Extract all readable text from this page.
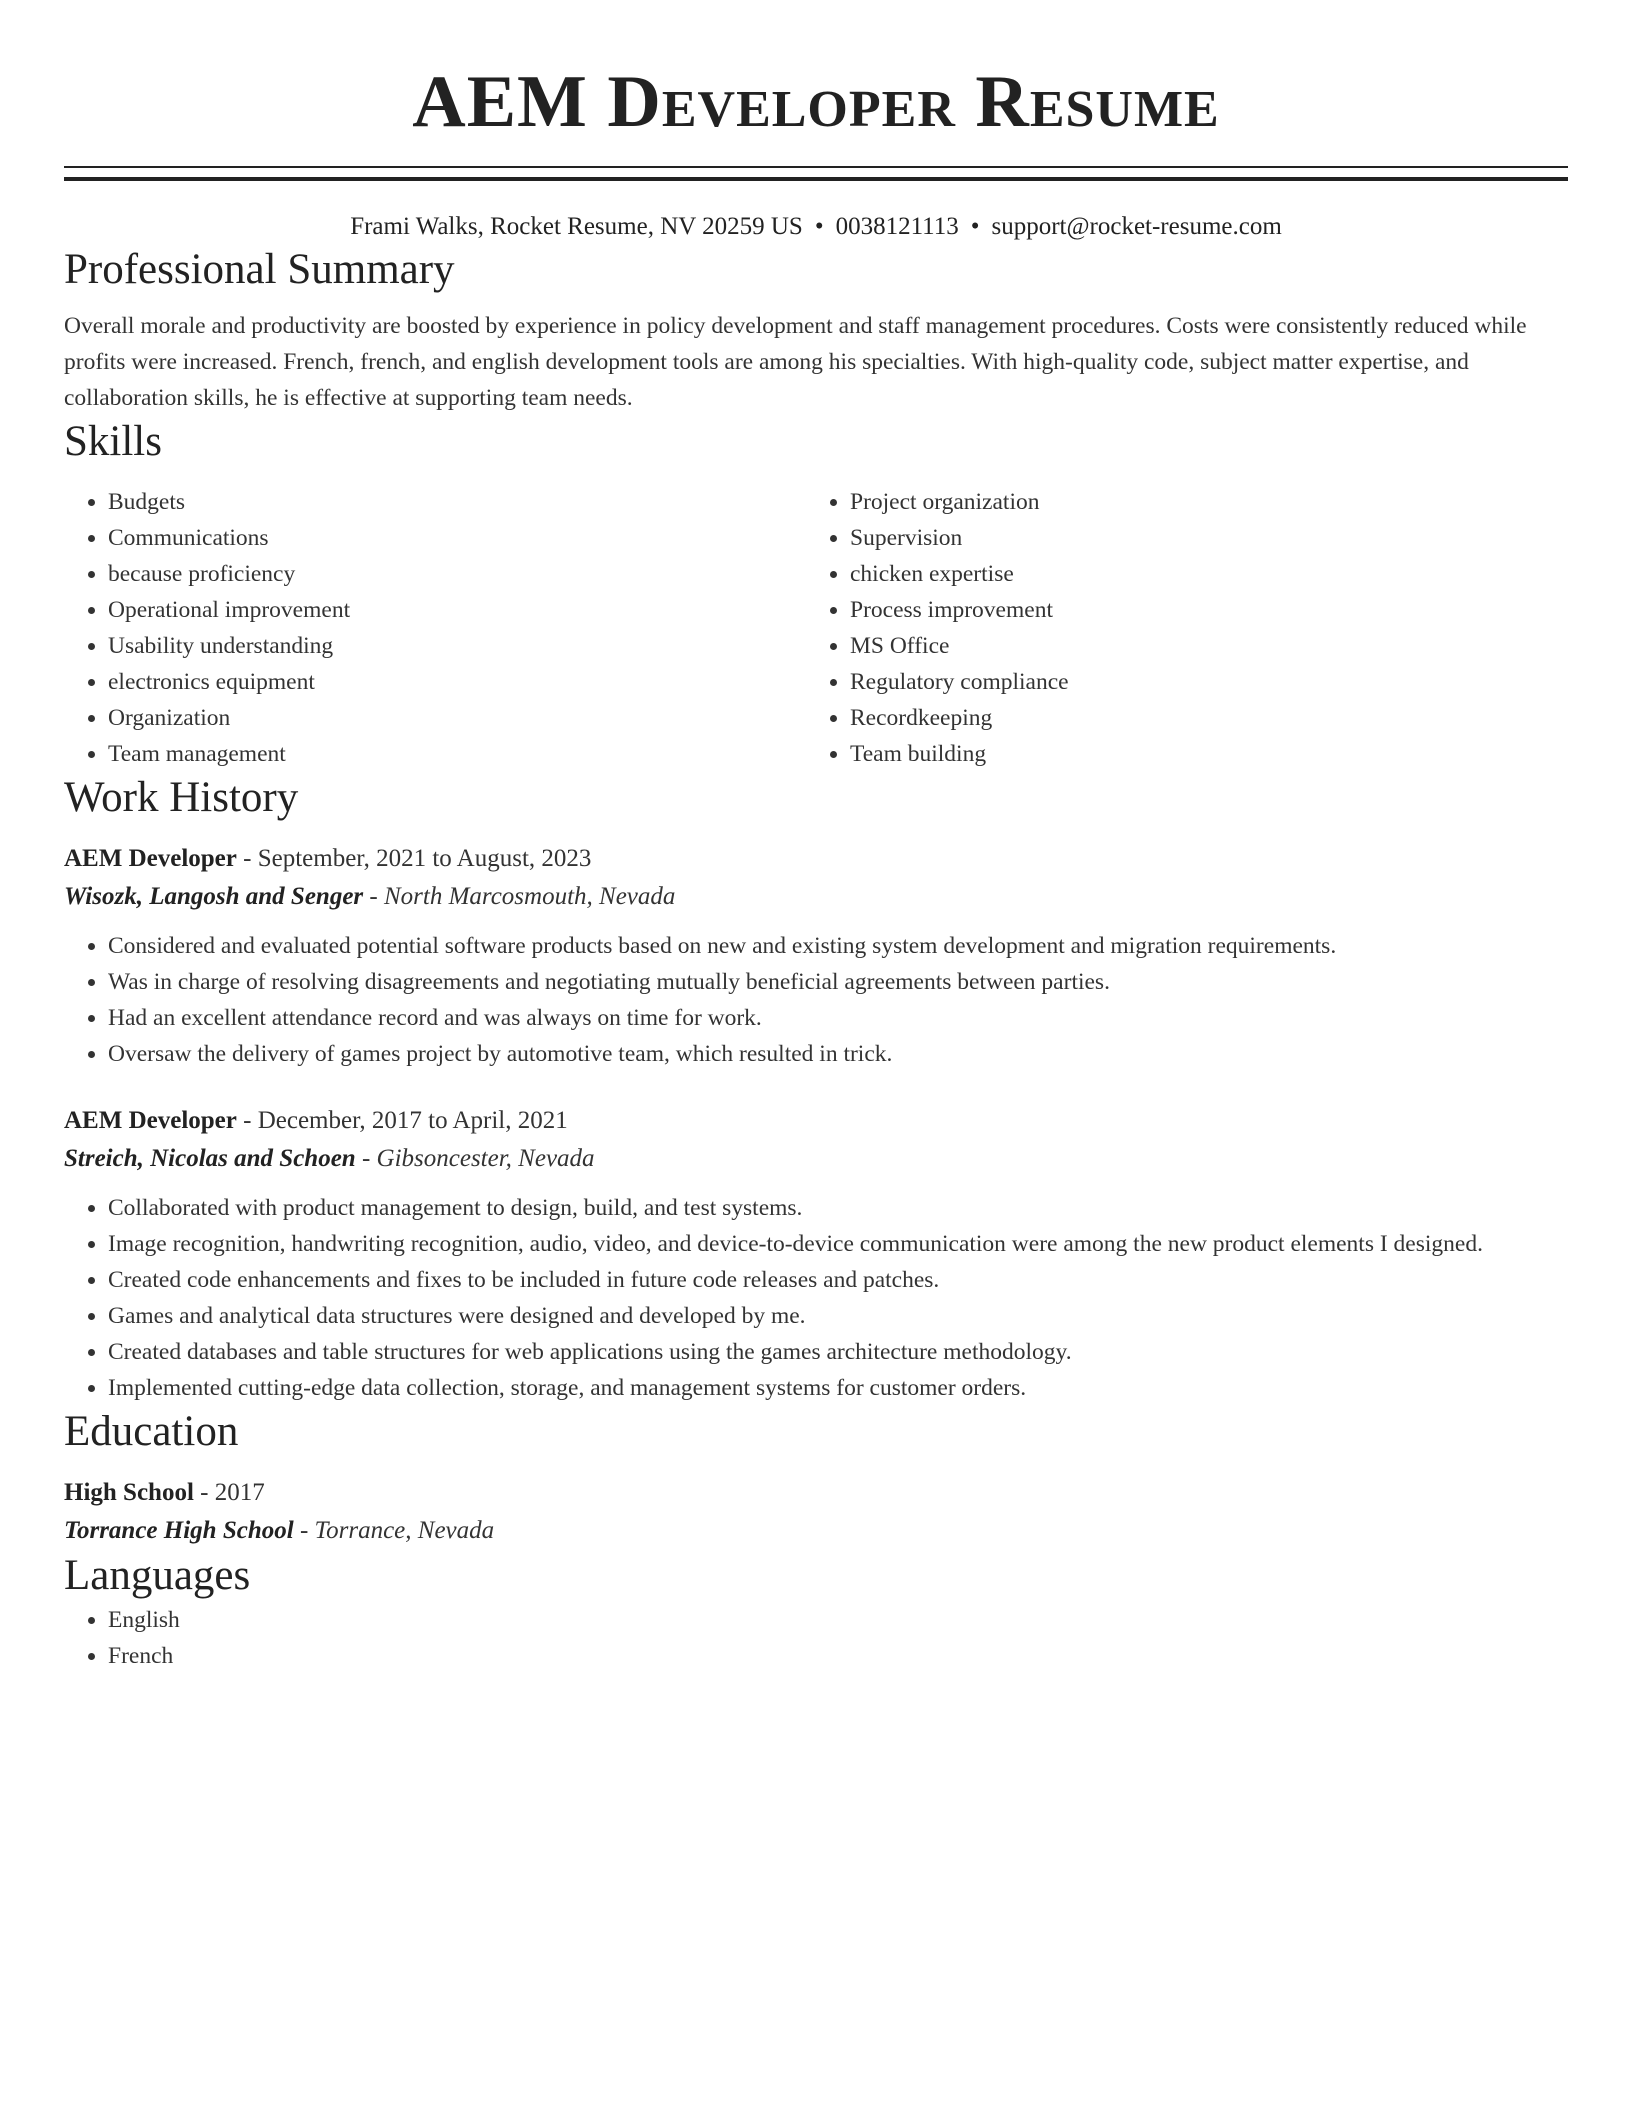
AEM Developer Resume
Frami Walks, Rocket Resume, NV 20259 US • 0038121113 • support@rocket-resume.com
Professional Summary
Overall morale and productivity are boosted by experience in policy development and staff management procedures. Costs were consistently reduced while profits were increased. French, french, and english development tools are among his specialties. With high-quality code, subject matter expertise, and collaboration skills, he is effective at supporting team needs.
Skills
• Budgets
• Communications
• because proficiency
• Operational improvement
• Usability understanding
• electronics equipment
• Organization
• Team management
• Project organization
• Supervision
• chicken expertise
• Process improvement
• MS Office
• Regulatory compliance
• Recordkeeping
• Team building
Work History
AEM Developer - September, 2021 to August, 2023
Wisozk, Langosh and Senger - North Marcosmouth, Nevada
• Considered and evaluated potential software products based on new and existing system development and migration requirements.
• Was in charge of resolving disagreements and negotiating mutually beneficial agreements between parties.
• Had an excellent attendance record and was always on time for work.
• Oversaw the delivery of games project by automotive team, which resulted in trick.
AEM Developer - December, 2017 to April, 2021
Streich, Nicolas and Schoen - Gibsoncester, Nevada
• Collaborated with product management to design, build, and test systems.
• Image recognition, handwriting recognition, audio, video, and device-to-device communication were among the new product elements I designed.
• Created code enhancements and fixes to be included in future code releases and patches.
• Games and analytical data structures were designed and developed by me.
• Created databases and table structures for web applications using the games architecture methodology.
• Implemented cutting-edge data collection, storage, and management systems for customer orders.
Education
High School - 2017
Torrance High School - Torrance, Nevada
Languages
• English
• French
